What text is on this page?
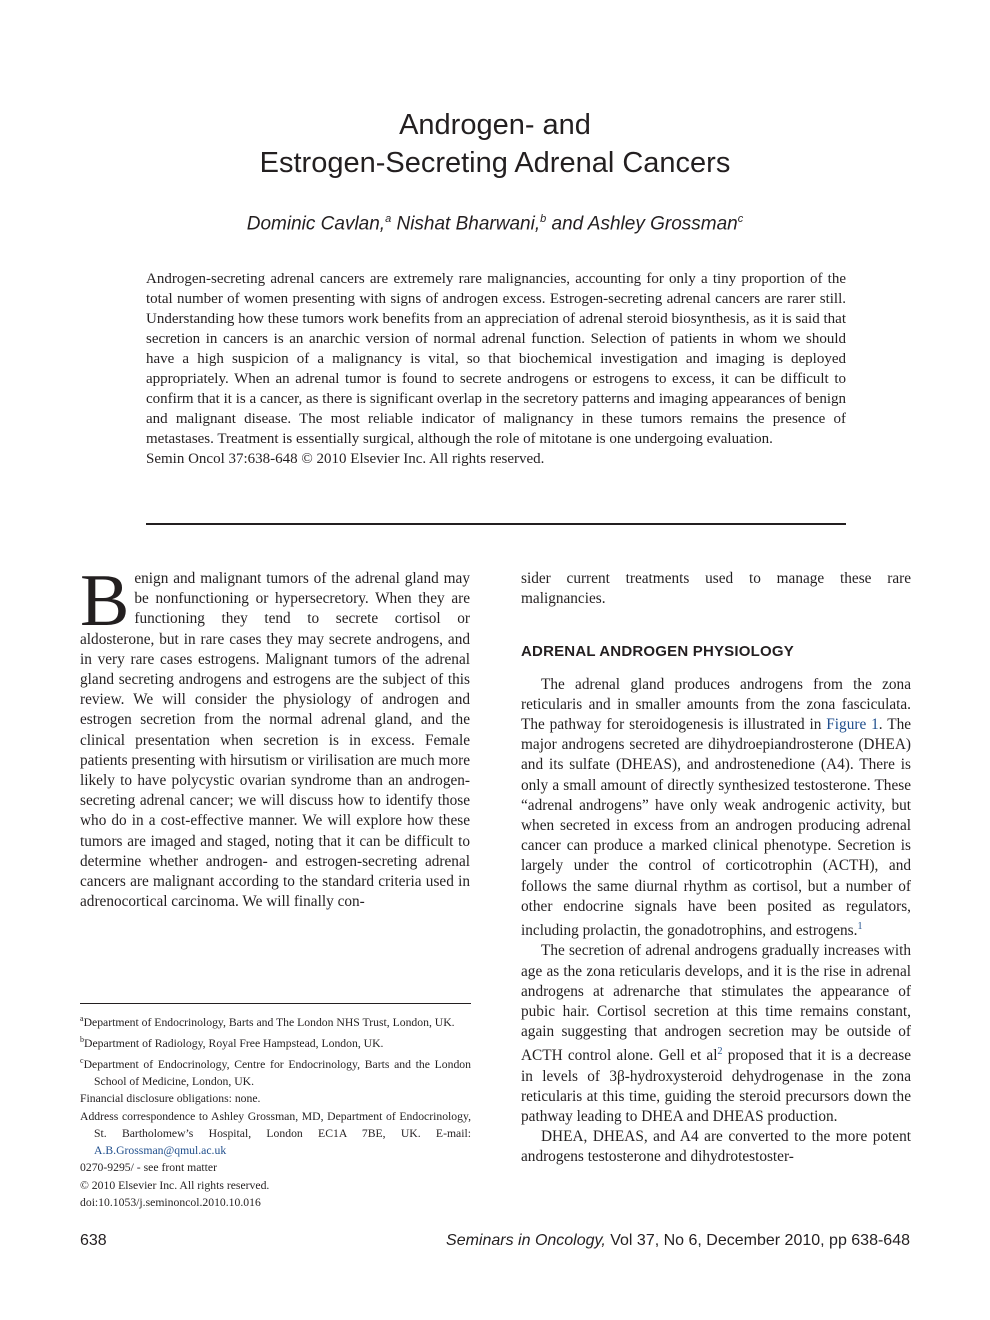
Androgen- and
Estrogen-Secreting Adrenal Cancers
Dominic Cavlan,$^a$ Nishat Bharwani,$^b$ and Ashley Grossman$^c$

Androgen-secreting adrenal cancers are extremely rare malignancies, accounting for only a tiny proportion of the total number of women presenting with signs of androgen excess. Estrogen-secreting adrenal cancers are rarer still. Understanding how these tumors work benefits from an appreciation of adrenal steroid biosynthesis, as it is said that secretion in cancers is an anarchic version of normal adrenal function. Selection of patients in whom we should have a high suspicion of a malignancy is vital, so that biochemical investigation and imaging is deployed appropriately. When an adrenal tumor is found to secrete androgens or estrogens to excess, it can be difficult to confirm that it is a cancer, as there is significant overlap in the secretory patterns and imaging appearances of benign and malignant disease. The most reliable indicator of malignancy in these tumors remains the presence of metastases. Treatment is essentially surgical, although the role of mitotane is one undergoing evaluation.

Semin Oncol 37:638-648 © 2010 Elsevier Inc. All rights reserved.

Benign and malignant tumors of the adrenal gland may be nonfunctioning or hypersecretory. When they are functioning they tend to secrete cortisol or aldosterone, but in rare cases they may secrete androgens, and in very rare cases estrogens. Malignant tumors of the adrenal gland secreting androgens and estrogens are the subject of this review. We will consider the physiology of androgen and estrogen secretion from the normal adrenal gland, and the clinical presentation when secretion is in excess. Female patients presenting with hirsutism or virilisation are much more likely to have polycystic ovarian syndrome than an androgen-secreting adrenal cancer; we will discuss how to identify those who do in a cost-effective manner. We will explore how these tumors are imaged and staged, noting that it can be difficult to determine whether androgen- and estrogen-secreting adrenal cancers are malignant according to the standard criteria used in adrenocortical carcinoma. We will finally con-

sider current treatments used to manage these rare malignancies.

ADRENAL ANDROGEN PHYSIOLOGY

The adrenal gland produces androgens from the zona reticularis and in smaller amounts from the zona fasciculata. The pathway for steroidogenesis is illustrated in Figure 1. The major androgens secreted are dihydroepiandrosterone (DHEA) and its sulfate (DHEAS), and androstenedione (A4). There is only a small amount of directly synthesized testosterone. These “adrenal androgens” have only weak androgenic activity, but when secreted in excess from an androgen producing adrenal cancer can produce a marked clinical phenotype. Secretion is largely under the control of corticotrophin (ACTH), and follows the same diurnal rhythm as cortisol, but a number of other endocrine signals have been posited as regulators, including prolactin, the gonadotrophins, and estrogens.$^1$

The secretion of adrenal androgens gradually increases with age as the zona reticularis develops, and it is the rise in adrenal androgens at adrenarche that stimulates the appearance of pubic hair. Cortisol secretion at this time remains constant, again suggesting that androgen secretion may be outside of ACTH control alone. Gell et al$^2$ proposed that it is a decrease in levels of 3β-hydroxysteroid dehydrogenase in the zona reticularis at this time, guiding the steroid precursors down the pathway leading to DHEA and DHEAS production.

DHEA, DHEAS, and A4 are converted to the more potent androgens testosterone and dihydrotestoster-

$^a$Department of Endocrinology, Barts and The London NHS Trust, London, UK.

$^b$Department of Radiology, Royal Free Hampstead, London, UK.

$^c$Department of Endocrinology, Centre for Endocrinology, Barts and the London School of Medicine, London, UK.

Financial disclosure obligations: none.

Address correspondence to Ashley Grossman, MD, Department of Endocrinology, St. Bartholomew’s Hospital, London EC1A 7BE, UK. E-mail: A.B.Grossman@qmul.ac.uk

0270-9295/ - see front matter

© 2010 Elsevier Inc. All rights reserved.

doi:10.1053/j.seminoncol.2010.10.016

638	Seminars in Oncology, Vol 37, No 6, December 2010, pp 638-648
